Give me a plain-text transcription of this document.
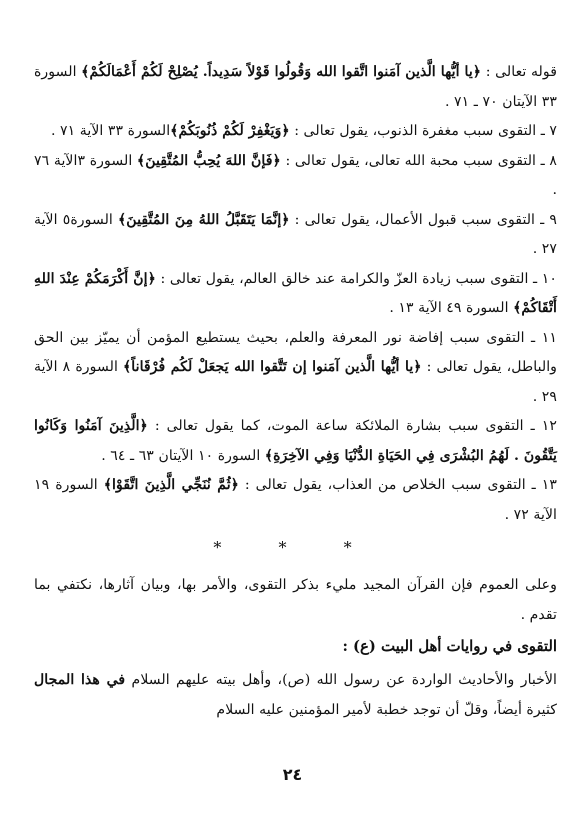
قوله تعالى : ﴿يا أيُّها الَّذين آمَنوا اتَّقوا الله وَقُولُوا قَوْلاً سَدِيداً. يُصْلِحْ لَكُمْ أَعْمَالَكُمْ﴾ السورة ٣٣ الآيتان ٧٠ ـ ٧١ .

٧ ـ التقوى سبب مغفرة الذنوب، يقول تعالى : ﴿وَيَغْفِرْ لَكُمْ ذُنُوبَكُمْ﴾السورة ٣٣ الآية ٧١ .

٨ ـ التقوى سبب محبة الله تعالى، يقول تعالى : ﴿فَإنَّ اللهَ يُحِبُّ المُتَّقِينَ﴾ السورة ٣الآية ٧٦ .

٩ ـ التقوى سبب قبول الأعمال، يقول تعالى : ﴿إنَّمَا يَتَقَبَّلُ اللهُ مِنَ المُتَّقِينَ﴾ السورة٥ الآية ٢٧ .

١٠ ـ التقوى سبب زيادة العزّ والكرامة عند خالق العالم، يقول تعالى : ﴿إنَّ أَكْرَمَكُمْ عِنْدَ اللهِ أَتْقَاكُمْ﴾ السورة ٤٩ الآية ١٣ .

١١ ـ التقوى سبب إفاضة نور المعرفة والعلم، بحيث يستطيع المؤمن أن يميّز بين الحق والباطل، يقول تعالى : ﴿يا أيُّها الَّذين آمَنوا إن تَتَّقوا الله يَجعَلْ لَكُم فُرْقَاناً﴾ السورة ٨ الآية ٢٩ .

١٢ ـ التقوى سبب بشارة الملائكة ساعة الموت، كما يقول تعالى : ﴿الَّذِينَ آمَنُوا وَكَانُوا يَتَّقُونَ . لَهُمُ البُشْرَى فِي الحَيَاةِ الدُّنْيَا وَفِي الآخِرَةِ﴾ السورة ١٠ الآيتان ٦٣ ـ ٦٤ .

١٣ ـ التقوى سبب الخلاص من العذاب، يقول تعالى : ﴿ثُمَّ نُنَجِّي الَّذِينَ اتَّقَوْا﴾ السورة ١٩ الآية ٧٢ .

* * *

وعلى العموم فإن القرآن المجيد مليء بذكر التقوى، والأمر بها، وبيان آثارها، نكتفي بما تقدم .

التقوى في روايات أهل البيت (ع) :

الأخبار والأحاديث الواردة عن رسول الله (ص)، وأهل بيته عليهم السلام في هذا المجال كثيرة أيضاً، وقلّ أن توجد خطبة لأمير المؤمنين عليه السلام

٢٤
